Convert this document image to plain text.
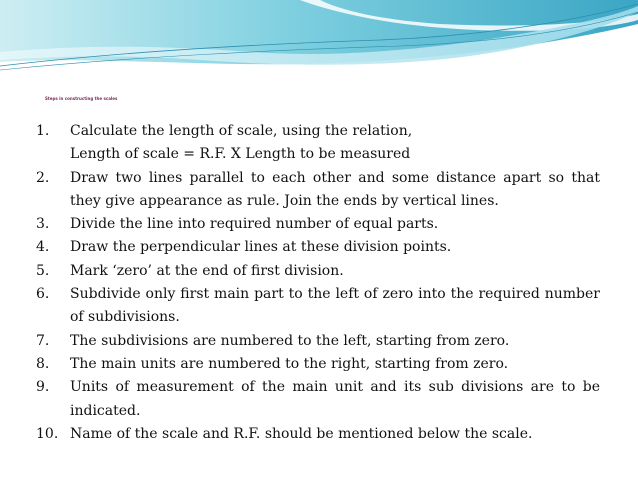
Steps in constructing the scales
1.	Calculate the length of scale, using the relation,
Length of scale = R.F. X Length to be measured
2.	Draw two lines parallel to each other and some distance apart so that they give appearance as rule. Join the ends by vertical lines.
3.	Divide the line into required number of equal parts.
4.	Draw the perpendicular lines at these division points.
5.	Mark ‘zero’ at the end of first division.
6.	Subdivide only first main part to the left of zero into the required number of subdivisions.
7.	The subdivisions are numbered to the left, starting from zero.
8.	The main units are numbered to the right, starting from zero.
9.	Units of measurement of the main unit and its sub divisions are to be indicated.
10. Name of the scale and R.F. should be mentioned below the scale.
